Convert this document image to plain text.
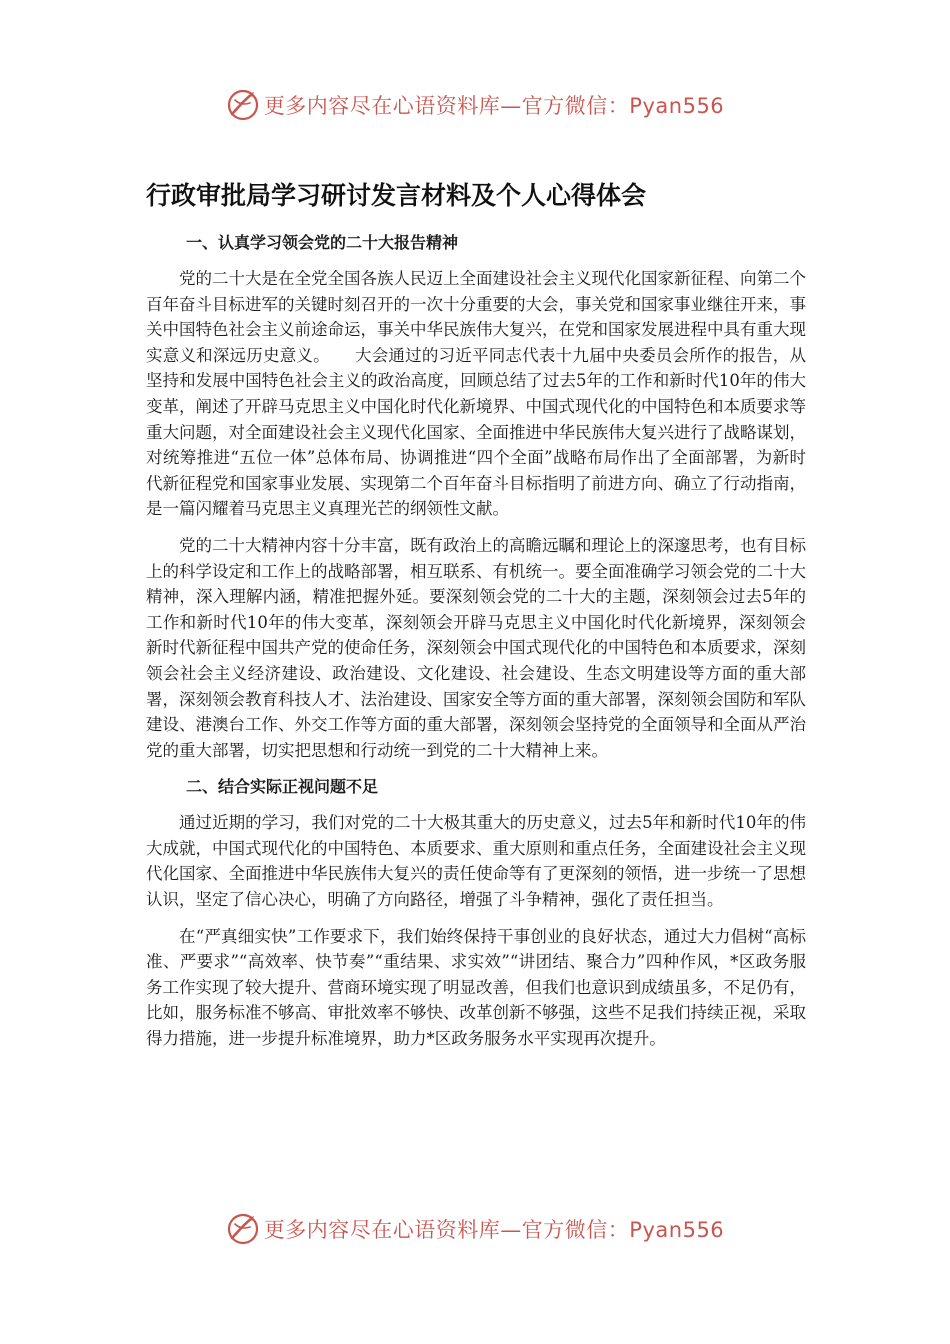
更多内容尽在心语资料库—官方微信：Pyan556
行政审批局学习研讨发言材料及个人心得体会
一、认真学习领会党的二十大报告精神

党的二十大是在全党全国各族人民迈上全面建设社会主义现代化国家新征程、向第二个百年奋斗目标进军的关键时刻召开的一次十分重要的大会，事关党和国家事业继往开来，事关中国特色社会主义前途命运，事关中华民族伟大复兴，在党和国家发展进程中具有重大现实意义和深远历史意义。　　大会通过的习近平同志代表十九届中央委员会所作的报告，从坚持和发展中国特色社会主义的政治高度，回顾总结了过去5年的工作和新时代10年的伟大变革，阐述了开辟马克思主义中国化时代化新境界、中国式现代化的中国特色和本质要求等重大问题，对全面建设社会主义现代化国家、全面推进中华民族伟大复兴进行了战略谋划，对统筹推进“五位一体”总体布局、协调推进“四个全面”战略布局作出了全面部署，为新时代新征程党和国家事业发展、实现第二个百年奋斗目标指明了前进方向、确立了行动指南，是一篇闪耀着马克思主义真理光芒的纲领性文献。

党的二十大精神内容十分丰富，既有政治上的高瞻远瞩和理论上的深邃思考，也有目标上的科学设定和工作上的战略部署，相互联系、有机统一。要全面准确学习领会党的二十大精神，深入理解内涵，精准把握外延。要深刻领会党的二十大的主题，深刻领会过去5年的工作和新时代10年的伟大变革，深刻领会开辟马克思主义中国化时代化新境界，深刻领会新时代新征程中国共产党的使命任务，深刻领会中国式现代化的中国特色和本质要求，深刻领会社会主义经济建设、政治建设、文化建设、社会建设、生态文明建设等方面的重大部署，深刻领会教育科技人才、法治建设、国家安全等方面的重大部署，深刻领会国防和军队建设、港澳台工作、外交工作等方面的重大部署，深刻领会坚持党的全面领导和全面从严治党的重大部署，切实把思想和行动统一到党的二十大精神上来。

二、结合实际正视问题不足

通过近期的学习，我们对党的二十大极其重大的历史意义，过去5年和新时代10年的伟大成就，中国式现代化的中国特色、本质要求、重大原则和重点任务，全面建设社会主义现代化国家、全面推进中华民族伟大复兴的责任使命等有了更深刻的领悟，进一步统一了思想认识，坚定了信心决心，明确了方向路径，增强了斗争精神，强化了责任担当。

在“严真细实快”工作要求下，我们始终保持干事创业的良好状态，通过大力倡树“高标准、严要求”“高效率、快节奏”“重结果、求实效”“讲团结、聚合力”四种作风，*区政务服务工作实现了较大提升、营商环境实现了明显改善，但我们也意识到成绩虽多，不足仍有，比如，服务标准不够高、审批效率不够快、改革创新不够强，这些不足我们持续正视，采取得力措施，进一步提升标准境界，助力*区政务服务水平实现再次提升。

更多内容尽在心语资料库—官方微信：Pyan556
